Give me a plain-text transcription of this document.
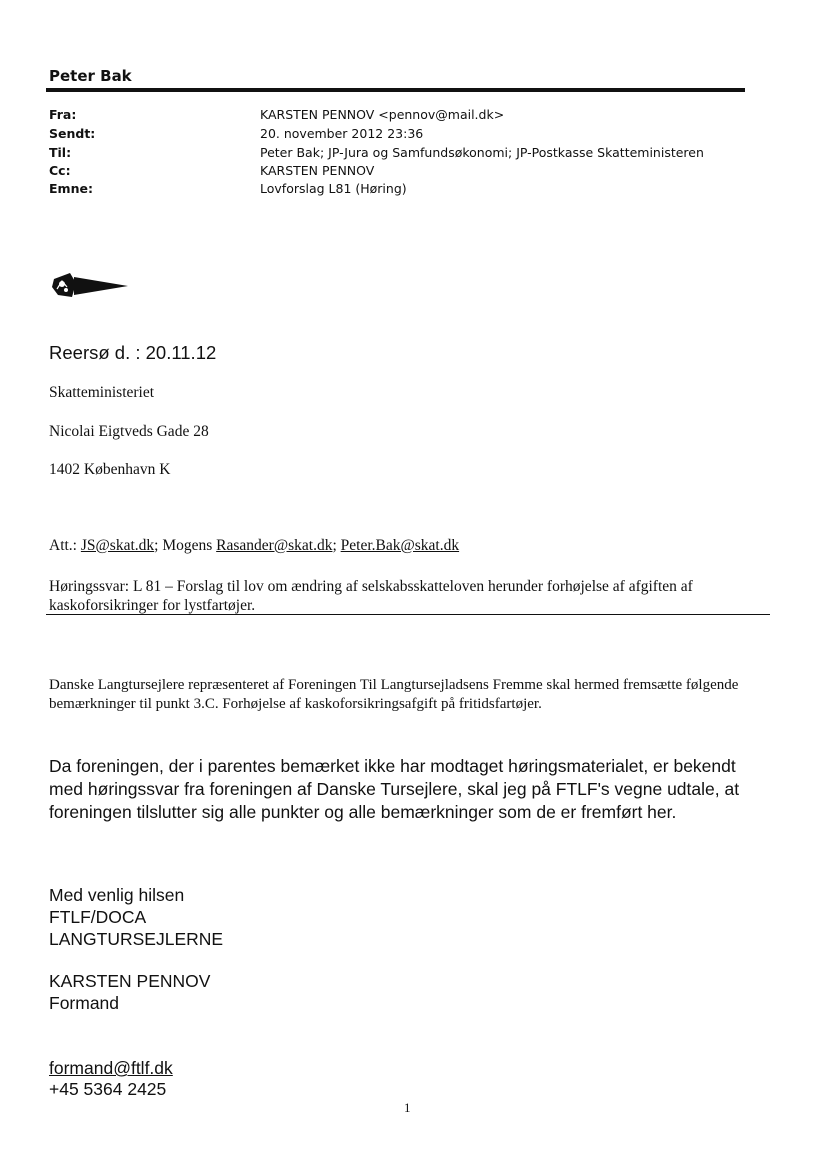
Peter Bak
Fra:	KARSTEN PENNOV <pennov@mail.dk>
Sendt:	20. november 2012 23:36
Til:	Peter Bak; JP-Jura og Samfundsøkonomi; JP-Postkasse Skatteministeren
Cc:	KARSTEN PENNOV
Emne:	Lovforslag L81 (Høring)
Reersø d. : 20.11.12
Skatteministeriet
Nicolai Eigtveds Gade 28
1402 København K
Att.: JS@skat.dk; Mogens Rasander@skat.dk; Peter.Bak@skat.dk
Høringssvar: L 81 – Forslag til lov om ændring af selskabsskatteloven herunder forhøjelse af afgiften af kaskoforsikringer for lystfartøjer.
Danske Langtursejlere repræsenteret af Foreningen Til Langtursejladsens Fremme skal hermed fremsætte følgende bemærkninger til punkt 3.C. Forhøjelse af kaskoforsikringsafgift på fritidsfartøjer.
Da foreningen, der i parentes bemærket ikke har modtaget høringsmaterialet, er bekendt med høringssvar fra foreningen af Danske Tursejlere, skal jeg på FTLF's vegne udtale, at foreningen tilslutter sig alle punkter og alle bemærkninger som de er fremført her.
Med venlig hilsen
FTLF/DOCA
LANGTURSEJLERNE
KARSTEN PENNOV
Formand
formand@ftlf.dk
+45 5364 2425
1
